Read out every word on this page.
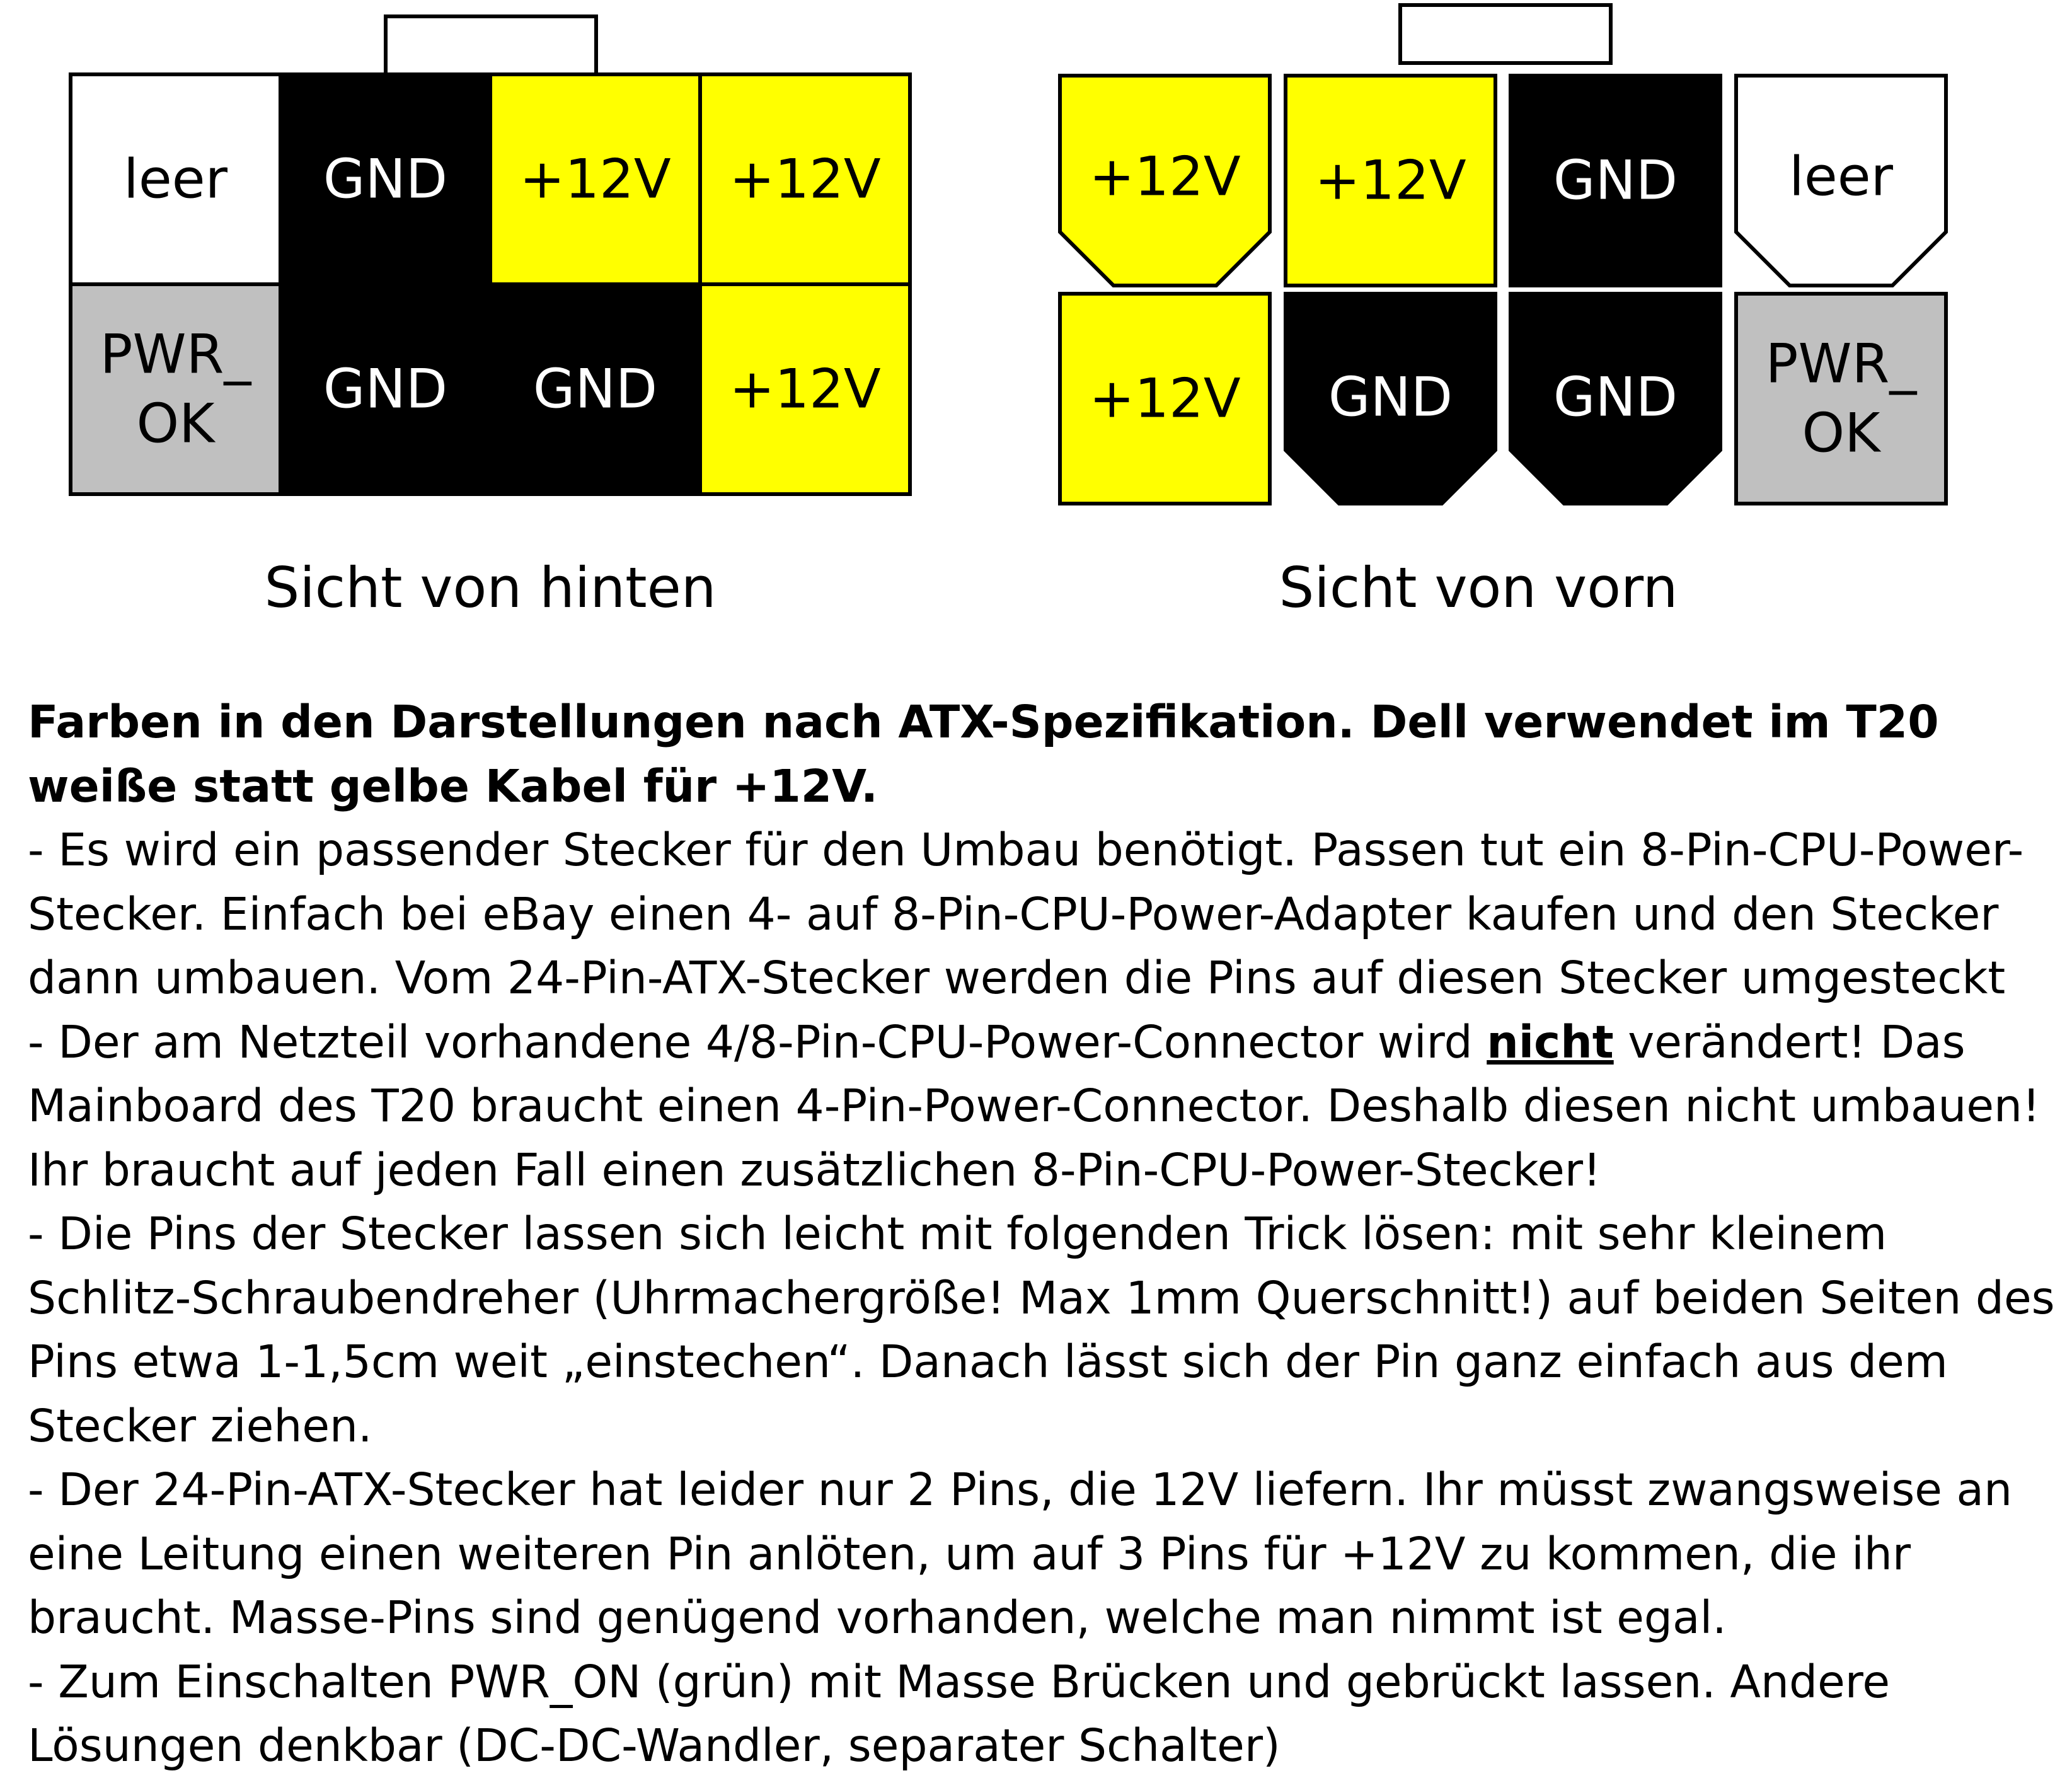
leer GND +12V +12V
PWR_
OK
GND GND +12V
+12V +12V GND leer
+12V GND GND
PWR_
OK
Sicht von hinten	Sicht von vorn

Farben in den Darstellungen nach ATX-Spezifikation. Dell verwendet im T20 weiße statt gelbe Kabel für +12V.

- Es wird ein passender Stecker für den Umbau benötigt. Passen tut ein 8-Pin-CPU-Power-Stecker. Einfach bei eBay einen 4- auf 8-Pin-CPU-Power-Adapter kaufen und den Stecker dann umbauen. Vom 24-Pin-ATX-Stecker werden die Pins auf diesen Stecker umgesteckt

- Der am Netzteil vorhandene 4/8-Pin-CPU-Power-Connector wird nicht verändert! Das Mainboard des T20 braucht einen 4-Pin-Power-Connector. Deshalb diesen nicht umbauen! Ihr braucht auf jeden Fall einen zusätzlichen 8-Pin-CPU-Power-Stecker!

- Die Pins der Stecker lassen sich leicht mit folgenden Trick lösen: mit sehr kleinem Schlitz-Schraubendreher (Uhrmachergröße! Max 1mm Querschnitt!) auf beiden Seiten des Pins etwa 1-1,5cm weit „einstechen“. Danach lässt sich der Pin ganz einfach aus dem Stecker ziehen.

- Der 24-Pin-ATX-Stecker hat leider nur 2 Pins, die 12V liefern. Ihr müsst zwangsweise an eine Leitung einen weiteren Pin anlöten, um auf 3 Pins für +12V zu kommen, die ihr braucht. Masse-Pins sind genügend vorhanden, welche man nimmt ist egal.

- Zum Einschalten PWR_ON (grün) mit Masse Brücken und gebrückt lassen. Andere Lösungen denkbar (DC-DC-Wandler, separater Schalter)
